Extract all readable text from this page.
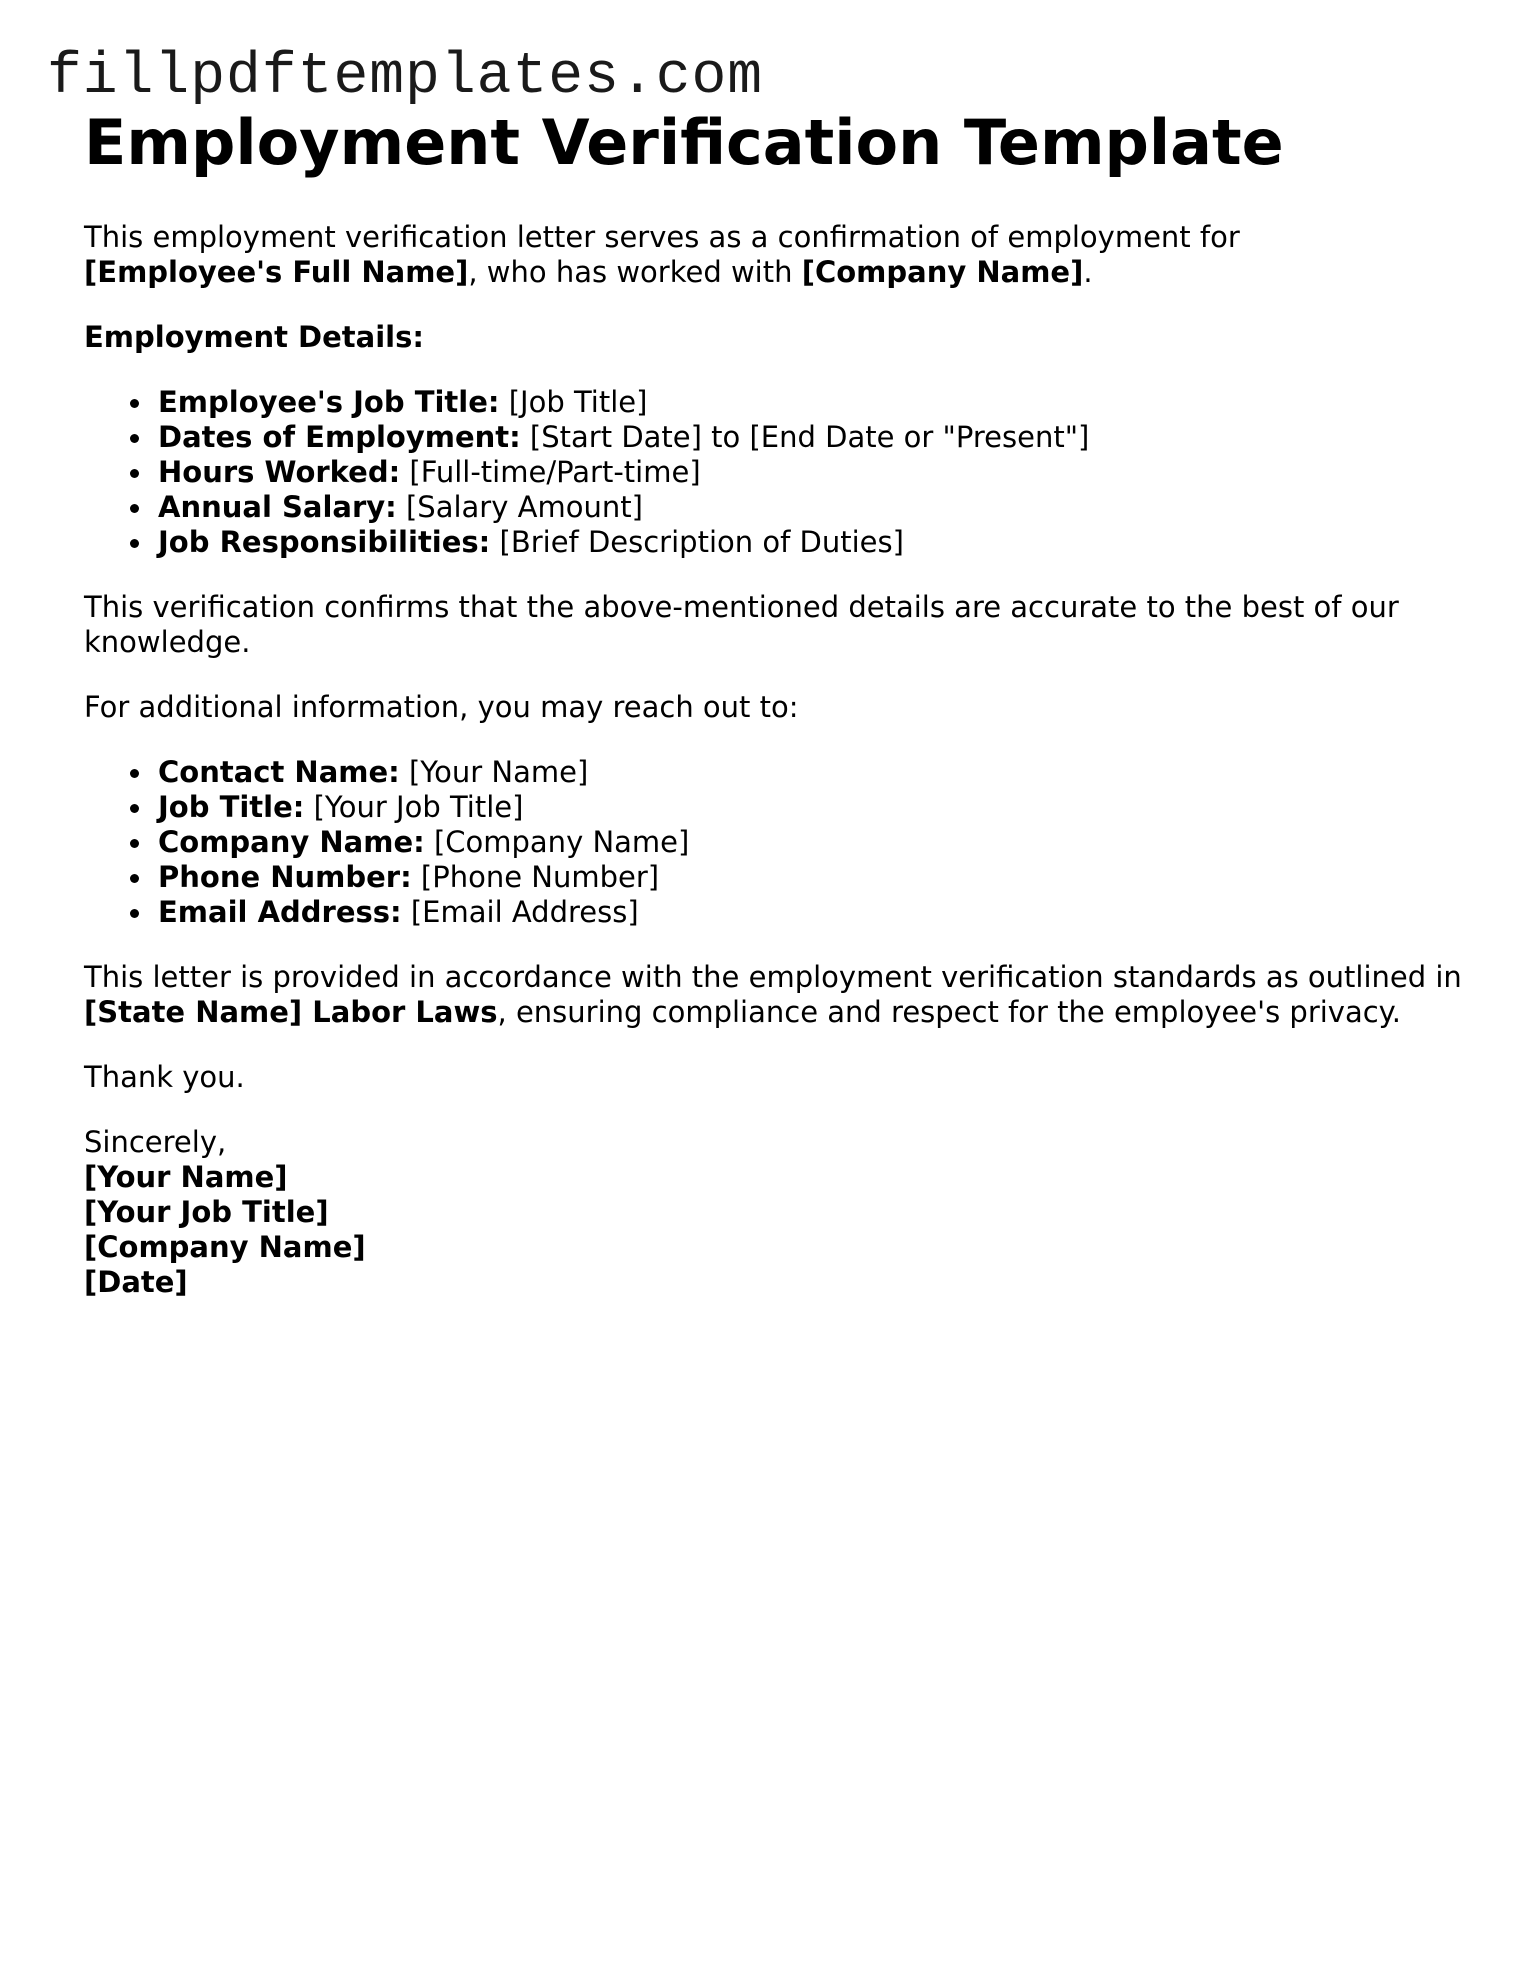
fillpdftemplates.com
Employment Verification Template

This employment verification letter serves as a confirmation of employment for
[Employee's Full Name], who has worked with [Company Name].

Employment Details:

Employee's Job Title: [Job Title]
Dates of Employment: [Start Date] to [End Date or "Present"]
Hours Worked: [Full-time/Part-time]
Annual Salary: [Salary Amount]
Job Responsibilities: [Brief Description of Duties]

This verification confirms that the above-mentioned details are accurate to the best of our knowledge.

For additional information, you may reach out to:

Contact Name: [Your Name]
Job Title: [Your Job Title]
Company Name: [Company Name]
Phone Number: [Phone Number]
Email Address: [Email Address]

This letter is provided in accordance with the employment verification standards as outlined in [State Name] Labor Laws, ensuring compliance and respect for the employee's privacy.

Thank you.

Sincerely,
[Your Name]
[Your Job Title]
[Company Name]
[Date]
